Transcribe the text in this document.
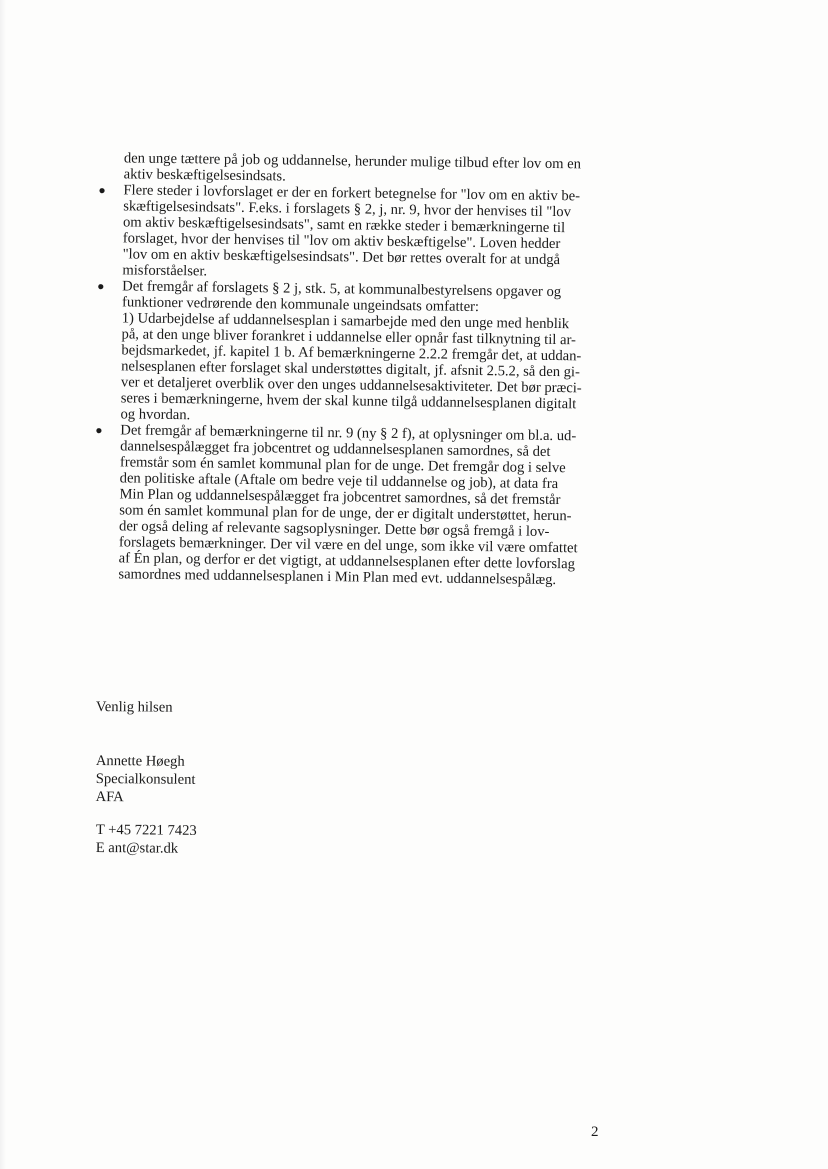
den unge tættere på job og uddannelse, herunder mulige tilbud efter lov om en
aktiv beskæftigelsesindsats.

● Flere steder i lovforslaget er der en forkert betegnelse for "lov om en aktiv be-
skæftigelsesindsats". F.eks. i forslagets § 2, j, nr. 9, hvor der henvises til "lov
om aktiv beskæftigelsesindsats", samt en række steder i bemærkningerne til
forslaget, hvor der henvises til "lov om aktiv beskæftigelse". Loven hedder
"lov om en aktiv beskæftigelsesindsats". Det bør rettes overalt for at undgå
misforståelser.
● Det fremgår af forslagets § 2 j, stk. 5, at kommunalbestyrelsens opgaver og
funktioner vedrørende den kommunale ungeindsats omfatter:
1) Udarbejdelse af uddannelsesplan i samarbejde med den unge med henblik
på, at den unge bliver forankret i uddannelse eller opnår fast tilknytning til ar-
bejdsmarkedet, jf. kapitel 1 b. Af bemærkningerne 2.2.2 fremgår det, at uddan-
nelsesplanen efter forslaget skal understøttes digitalt, jf. afsnit 2.5.2, så den gi-
ver et detaljeret overblik over den unges uddannelsesaktiviteter. Det bør præci-
seres i bemærkningerne, hvem der skal kunne tilgå uddannelsesplanen digitalt
og hvordan.
● Det fremgår af bemærkningerne til nr. 9 (ny § 2 f), at oplysninger om bl.a. ud-
dannelsespålægget fra jobcentret og uddannelsesplanen samordnes, så det
fremstår som én samlet kommunal plan for de unge. Det fremgår dog i selve
den politiske aftale (Aftale om bedre veje til uddannelse og job), at data fra
Min Plan og uddannelsespålægget fra jobcentret samordnes, så det fremstår
som én samlet kommunal plan for de unge, der er digitalt understøttet, herun-
der også deling af relevante sagsoplysninger. Dette bør også fremgå i lov-
forslagets bemærkninger. Der vil være en del unge, som ikke vil være omfattet
af Én plan, og derfor er det vigtigt, at uddannelsesplanen efter dette lovforslag
samordnes med uddannelsesplanen i Min Plan med evt. uddannelsespålæg.
Venlig hilsen
Annette Høegh
Specialkonsulent
AFA
T +45 7221 7423
E ant@star.dk
2
